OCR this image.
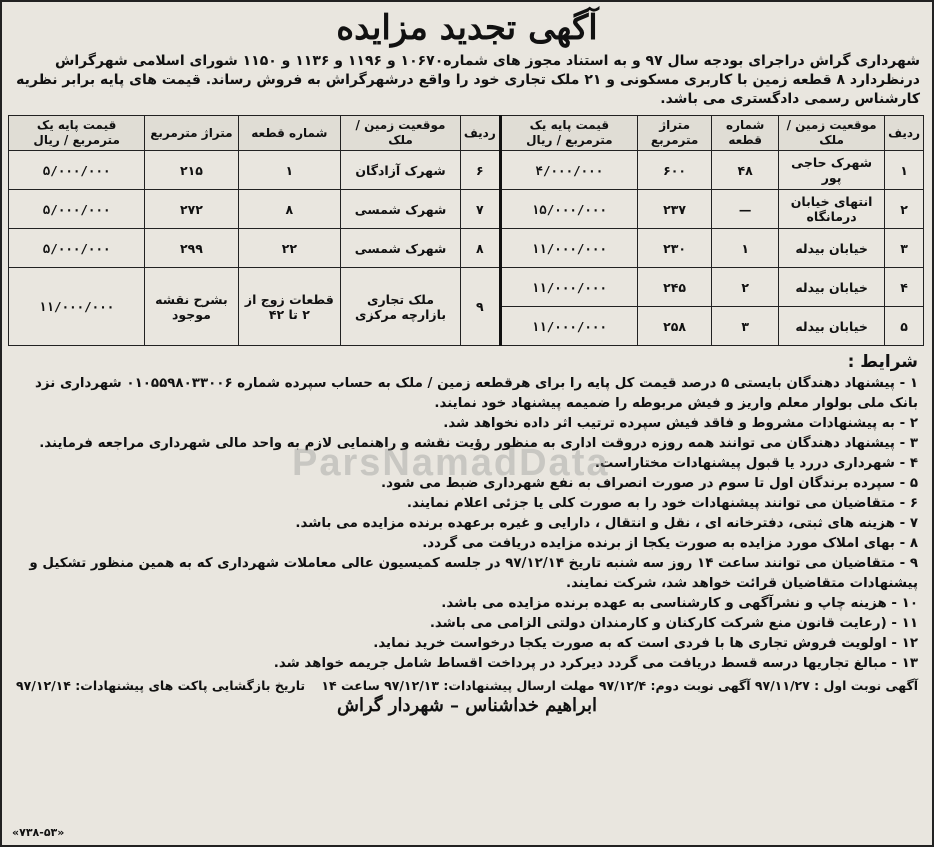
آگهی تجدید مزایده
شهرداری گراش دراجرای بودجه سال ۹۷ و به استناد مجوز های شماره۱۰۶۷۰ و ۱۱۹۶ و ۱۱۳۶ و ۱۱۵۰ شورای اسلامی شهرگراش درنظردارد ۸ قطعه زمین با کاربری مسکونی و ۲۱ ملک تجاری خود را واقع درشهرگراش به فروش رساند. قیمت های پایه برابر نظریه کارشناس رسمی دادگستری می باشد.
ردیف	موقعیت زمین / ملک	شماره قطعه	متراژ مترمربع	قیمت پایه یک مترمربع / ریال	ردیف	موقعیت زمین / ملک	شماره قطعه	متراژ مترمربع	قیمت پایه یک مترمربع / ریال
۱	شهرک حاجی پور	۴۸	۶۰۰	۴/۰۰۰/۰۰۰	۶	شهرک آزادگان	۱	۲۱۵	۵/۰۰۰/۰۰۰
۲	انتهای خیابان درمانگاه	—	۲۳۷	۱۵/۰۰۰/۰۰۰	۷	شهرک شمسی	۸	۲۷۲	۵/۰۰۰/۰۰۰
۳	خیابان بیدله	۱	۲۳۰	۱۱/۰۰۰/۰۰۰	۸	شهرک شمسی	۲۲	۲۹۹	۵/۰۰۰/۰۰۰
۴	خیابان بیدله	۲	۲۴۵	۱۱/۰۰۰/۰۰۰	۹	ملک تجاری بازارچه مرکزی	قطعات زوج از ۲ تا ۴۲	بشرح نقشه موجود	۱۱/۰۰۰/۰۰۰
۵	خیابان بیدله	۳	۲۵۸	۱۱/۰۰۰/۰۰۰					
شرایط :
۱ - پیشنهاد دهندگان بایستی ۵ درصد قیمت کل پایه را برای هرقطعه زمین / ملک به حساب سپرده شماره ۰۱۰۵۵۹۸۰۳۳۰۰۶ شهرداری نزد بانک ملی بولوار معلم واریز و فیش مربوطه را ضمیمه پیشنهاد خود نمایند.
۲ - به پیشنهادات مشروط و فاقد فیش سپرده ترتیب اثر داده نخواهد شد.
۳ - پیشنهاد دهندگان می توانند همه روزه دروقت اداری به منظور رؤیت نقشه و راهنمایی لازم به واحد مالی شهرداری مراجعه فرمایند.
۴ - شهرداری دررد یا قبول پیشنهادات مختاراست.
۵ - سپرده برندگان اول تا سوم در صورت انصراف به نفع شهرداری ضبط می شود.
۶ - متقاضیان می توانند پیشنهادات خود را به صورت کلی یا جزئی اعلام نمایند.
۷ - هزینه های ثبتی، دفترخانه ای ، نقل و انتقال ، دارایی و غیره برعهده برنده مزایده می باشد.
۸ - بهای املاک مورد مزایده به صورت یکجا از برنده مزایده دریافت می گردد.
۹ - متقاضیان می توانند ساعت ۱۴ روز سه شنبه تاریخ ۹۷/۱۲/۱۴ در جلسه کمیسیون عالی معاملات شهرداری که به همین منظور تشکیل و پیشنهادات متقاضیان قرائت خواهد شد، شرکت نمایند.
۱۰ - هزینه چاپ و نشرآگهی و کارشناسی به عهده برنده مزایده می باشد.
۱۱ - (رعایت قانون منع شرکت کارکنان و کارمندان دولتی الزامی می باشد.
۱۲ - اولویت فروش تجاری ها با فردی است که به صورت یکجا درخواست خرید نماید.
۱۳ - مبالغ تجاریها درسه قسط دریافت می گردد دیرکرد در پرداخت اقساط شامل جریمه خواهد شد.
آگهی نوبت اول : ۹۷/۱۱/۲۷ آگهی نوبت دوم: ۹۷/۱۲/۴ مهلت ارسال پیشنهادات: ۹۷/۱۲/۱۳ ساعت ۱۴
تاریخ بازگشایی پاکت های پیشنهادات: ۹۷/۱۲/۱۴
ابراهیم خداشناس – شهردار گراش
«۷۳۸-۵۳»
ParsNamadData
